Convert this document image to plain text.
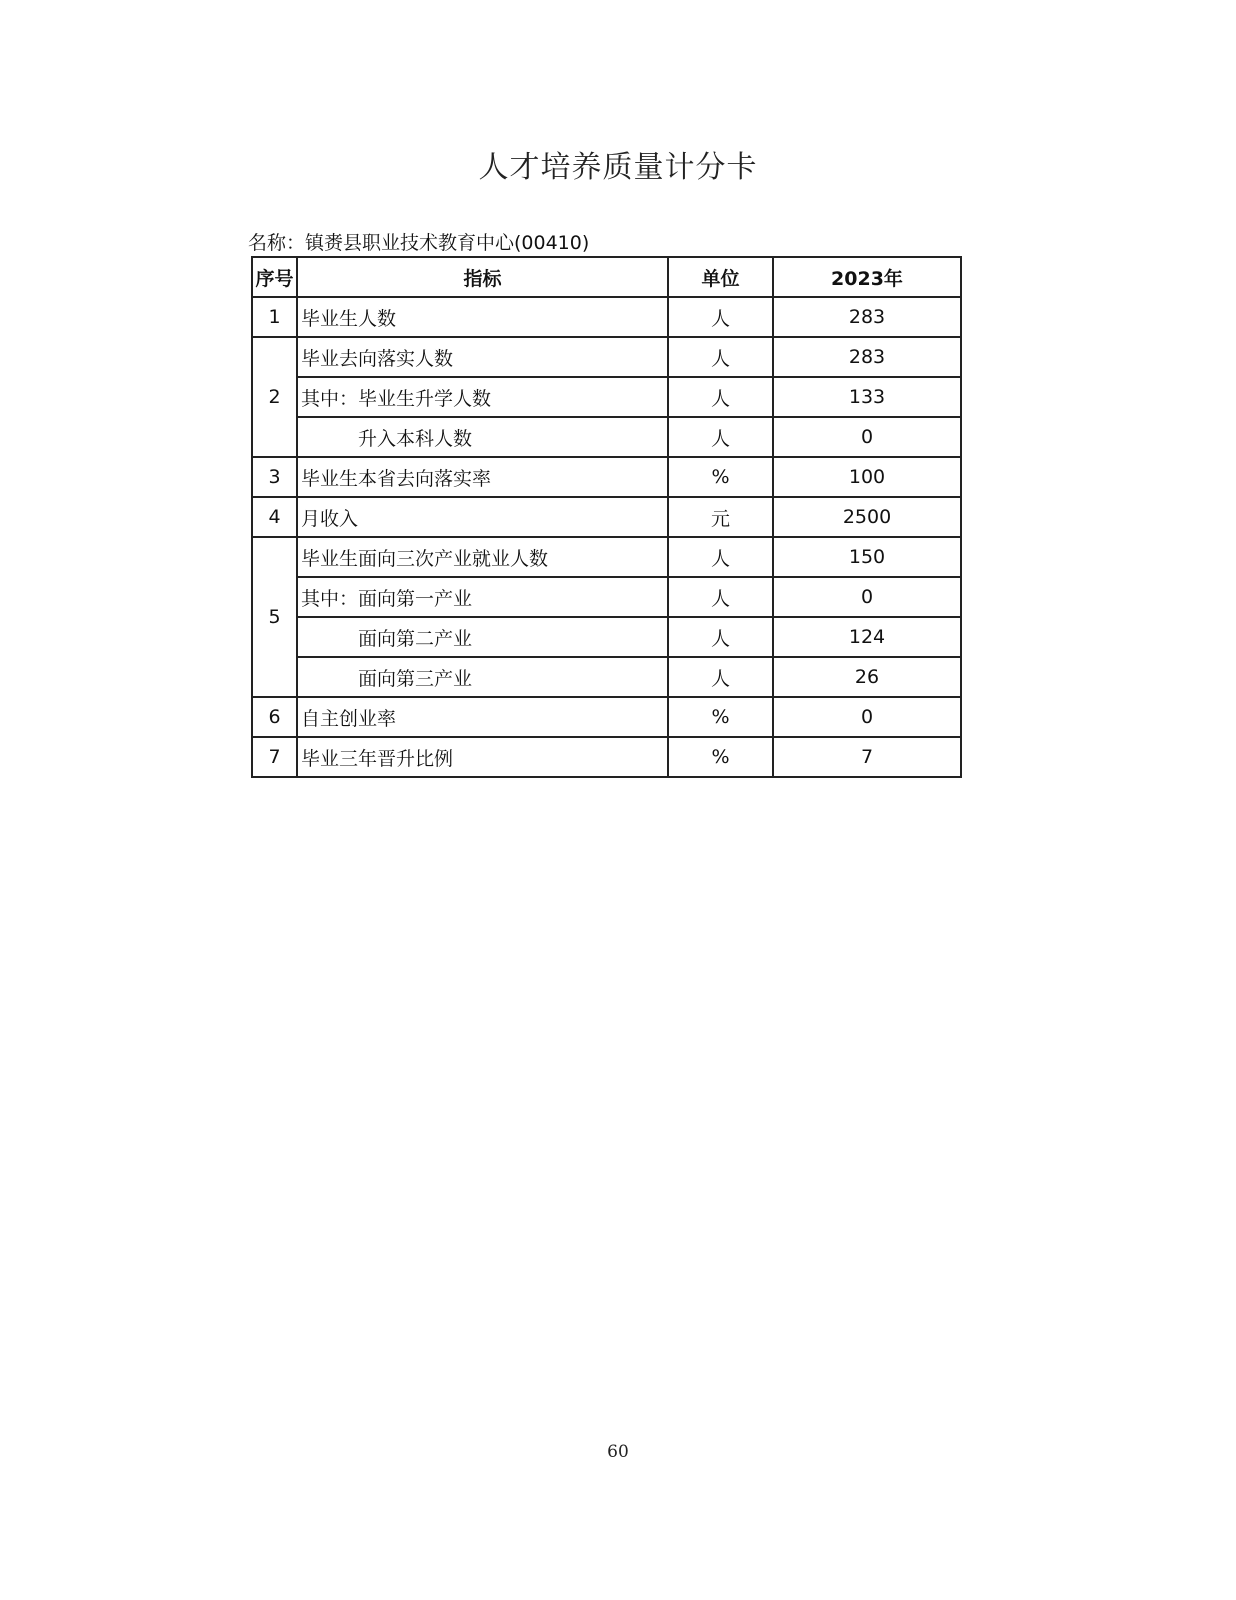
人才培养质量计分卡
名称：镇赉县职业技术教育中心(00410)
序号	指标	单位	2023年
1	毕业生人数	人	283
2	毕业去向落实人数	人	283
	其中：毕业生升学人数	人	133
	升入本科人数	人	0
3	毕业生本省去向落实率	%	100
4	月收入	元	2500
5	毕业生面向三次产业就业人数	人	150
	其中：面向第一产业	人	0
	面向第二产业	人	124
	面向第三产业	人	26
6	自主创业率	%	0
7	毕业三年晋升比例	%	7
60
